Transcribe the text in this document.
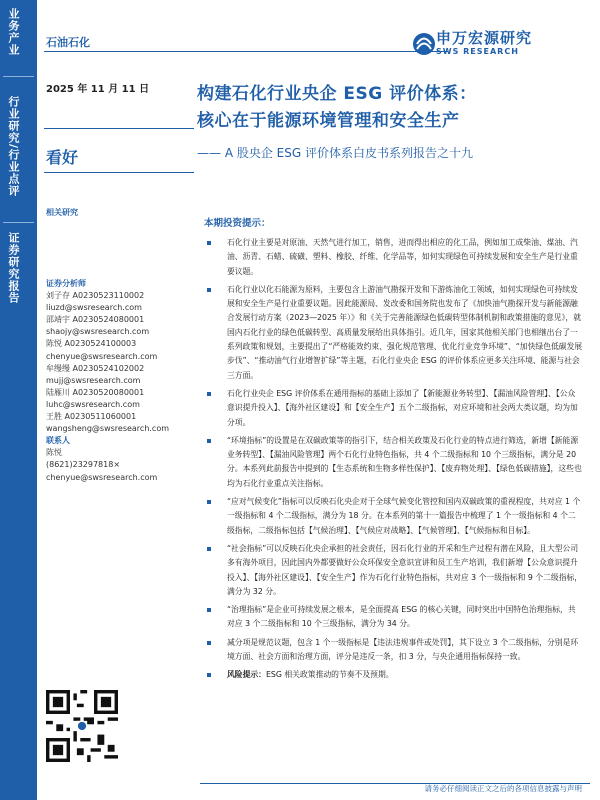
业务产业
行业研究/行业点评
证券研究报告
石油石化	申万宏源研究
SWS RESEARCH
2025 年 11 月 11 日
看好
相关研究
构建石化行业央企 ESG 评价体系：
核心在于能源环境管理和安全生产
—— A 股央企 ESG 评价体系白皮书系列报告之十九
证券分析师
刘子存 A0230523110002
liuzd@swsresearch.com
邵靖宇 A0230524080001
shaojy@swsresearch.com
陈悦 A0230524100003
chenyue@swsresearch.com
牟缦缦 A0230524102002
mujj@swsresearch.com
陆雁川 A0230520080001
luhc@swsresearch.com
王胜 A0230511060001
wangsheng@swsresearch.com
联系人
陈悦
(8621)23297818×
chenyue@swsresearch.com
本期投资提示：
石化行业主要是对原油、天然气进行加工，销售，进而得出相应的化工品，例如加工成柴油、煤油、汽油、沥青、石蜡、硫磺、塑料、橡胶、纤维、化学品等，如何实现绿色可持续发展和安全生产是行业重要议题。
石化行业以化石能源为原料，主要包含上游油气勘探开发和下游炼油化工领域，如何实现绿色可持续发展和安全生产是行业重要议题。因此能源局、发改委和国务院也发布了《加快油气勘探开发与新能源融合发展行动方案（2023—2025 年）》和《关于完善能源绿色低碳转型体制机制和政策措施的意见》，就国内石化行业的绿色低碳转型、高质量发展给出具体指引。近几年，国家其他相关部门也相继出台了一系列政策和规划，主要提出了“严格能效约束、强化规范管理、优化行业竞争环境”、“加快绿色低碳发展步伐”、“推动油气行业增智扩绿”等主题，石化行业央企 ESG 的评价体系应更多关注环境、能源与社会三方面。
石化行业央企 ESG 评价体系在通用指标的基础上添加了【新能源业务转型】、【漏油风险管理】、【公众意识提升投入】、【海外社区建设】和【安全生产】五个二级指标，对应环境和社会两大类议题，均为加分项。
“环境指标”的设置是在双碳政策等的指引下，结合相关政策及石化行业的特点进行筛选，新增【新能源业务转型】、【漏油风险管理】两个石化行业特色指标，共 4 个二级指标和 10 个三级指标，满分是 20 分。本系列此前报告中提到的【生态系统和生物多样性保护】、【废弃物处理】、【绿色低碳措施】，这些也均为石化行业重点关注指标。
“应对气候变化”指标可以反映石化央企对于全球气候变化管控和国内双碳政策的重视程度，共对应 1 个一级指标和 4 个二级指标，满分为 18 分。在本系列的第十一篇报告中梳理了 1 个一级指标和 4 个二级指标，二级指标包括【气候治理】、【气候应对战略】、【气候管理】、【气候指标和目标】。
“社会指标”可以反映石化央企承担的社会责任，因石化行业的开采和生产过程有潜在风险，且大型公司多有海外项目，因此国内外都要做好公众环保安全意识宣讲和员工生产培训，我们新增【公众意识提升投入】、【海外社区建设】、【安全生产】作为石化行业特色指标，共对应 3 个一级指标和 9 个二级指标，满分为 32 分。
“治理指标”是企业可持续发展之根本，是全面提高 ESG 的核心关键，同时突出中国特色治理指标，共对应 3 个二级指标和 10 个三级指标，满分为 34 分。
减分项是规范议题，包含 1 个一级指标是【违法违规事件或处罚】，其下设立 3 个二级指标，分别是环境方面、社会方面和治理方面，评分是违反一条，扣 3 分，与央企通用指标保持一致。
风险提示：ESG 相关政策推动的节奏不及预期。
请务必仔细阅读正文之后的各项信息披露与声明
